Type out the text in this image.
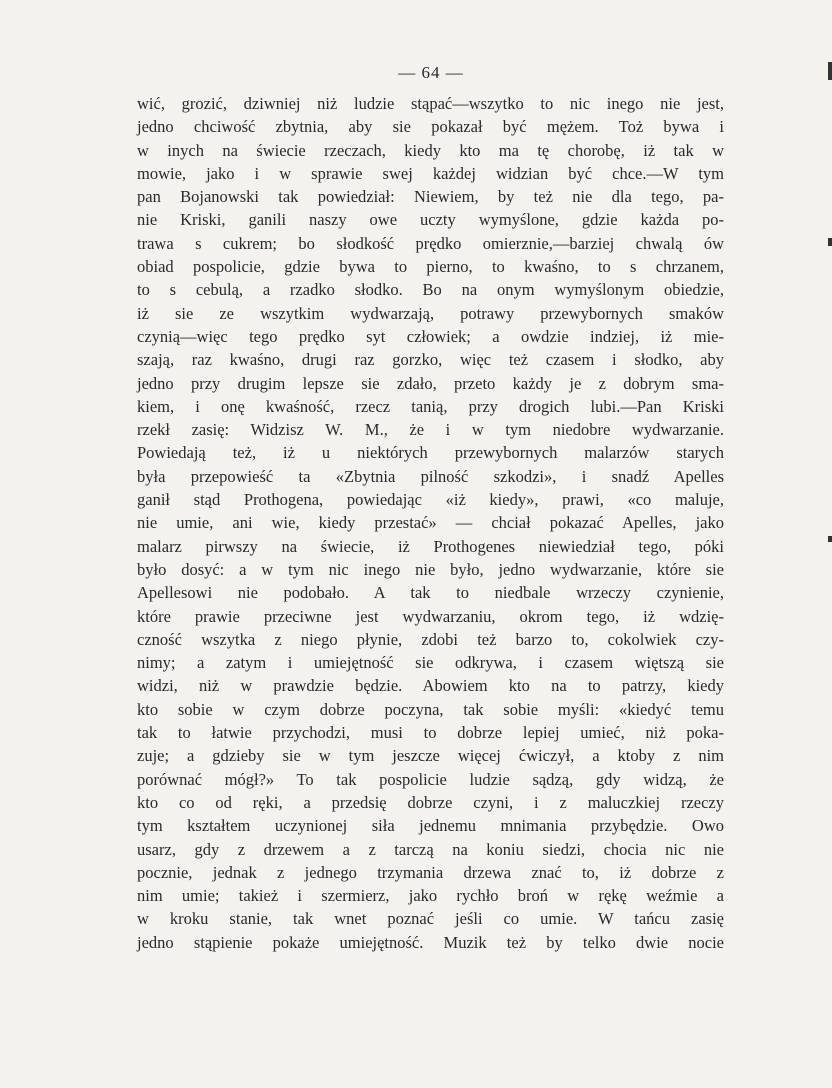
— 64 —
wić, grozić, dziwniej niż ludzie stąpać—wszytko to nic inego nie jest,
jedno chciwość zbytnia, aby sie pokazał być mężem. Toż bywa i
w inych na świecie rzeczach, kiedy kto ma tę chorobę, iż tak w
mowie, jako i w sprawie swej każdej widzian być chce.—W tym
pan Bojanowski tak powiedział: Niewiem, by też nie dla tego, pa-
nie Kriski, ganili naszy owe uczty wymyślone, gdzie każda po-
trawa s cukrem; bo słodkość prędko omierznie,—barziej chwalą ów
obiad pospolicie, gdzie bywa to pierno, to kwaśno, to s chrzanem,
to s cebulą, a rzadko słodko. Bo na onym wymyślonym obiedzie,
iż sie ze wszytkim wydwarzają, potrawy przewybornych smaków
czynią—więc tego prędko syt człowiek; a owdzie indziej, iż mie-
szają, raz kwaśno, drugi raz gorzko, więc też czasem i słodko, aby
jedno przy drugim lepsze sie zdało, przeto każdy je z dobrym sma-
kiem, i onę kwaśność, rzecz tanią, przy drogich lubi.—Pan Kriski
rzekł zasię: Widzisz W. M., że i w tym niedobre wydwarzanie.
Powiedają też, iż u niektórych przewybornych malarzów starych
była przepowieść ta «Zbytnia pilność szkodzi», i snadź Apelles
ganił stąd Prothogena, powiedając «iż kiedy», prawi, «co maluje,
nie umie, ani wie, kiedy przestać» — chciał pokazać Apelles, jako
malarz pirwszy na świecie, iż Prothogenes niewiedział tego, póki
było dosyć: a w tym nic inego nie było, jedno wydwarzanie, które sie
Apellesowi nie podobało. A tak to niedbale wrzeczy czynienie,
które prawie przeciwne jest wydwarzaniu, okrom tego, iż wdzię-
czność wszytka z niego płynie, zdobi też barzo to, cokolwiek czy-
nimy; a zatym i umiejętność sie odkrywa, i czasem więtszą sie
widzi, niż w prawdzie będzie. Abowiem kto na to patrzy, kiedy
kto sobie w czym dobrze poczyna, tak sobie myśli: «kiedyć temu
tak to łatwie przychodzi, musi to dobrze lepiej umieć, niż poka-
zuje; a gdzieby sie w tym jeszcze więcej ćwiczył, a ktoby z nim
porównać mógł?» To tak pospolicie ludzie sądzą, gdy widzą, że
kto co od ręki, a przedsię dobrze czyni, i z maluczkiej rzeczy
tym kształtem uczynionej siła jednemu mnimania przybędzie. Owo
usarz, gdy z drzewem a z tarczą na koniu siedzi, chocia nic nie
pocznie, jednak z jednego trzymania drzewa znać to, iż dobrze z
nim umie; takież i szermierz, jako rychło broń w rękę weźmie a
w kroku stanie, tak wnet poznać jeśli co umie. W tańcu zasię
jedno stąpienie pokaże umiejętność. Muzik też by telko dwie nocie
